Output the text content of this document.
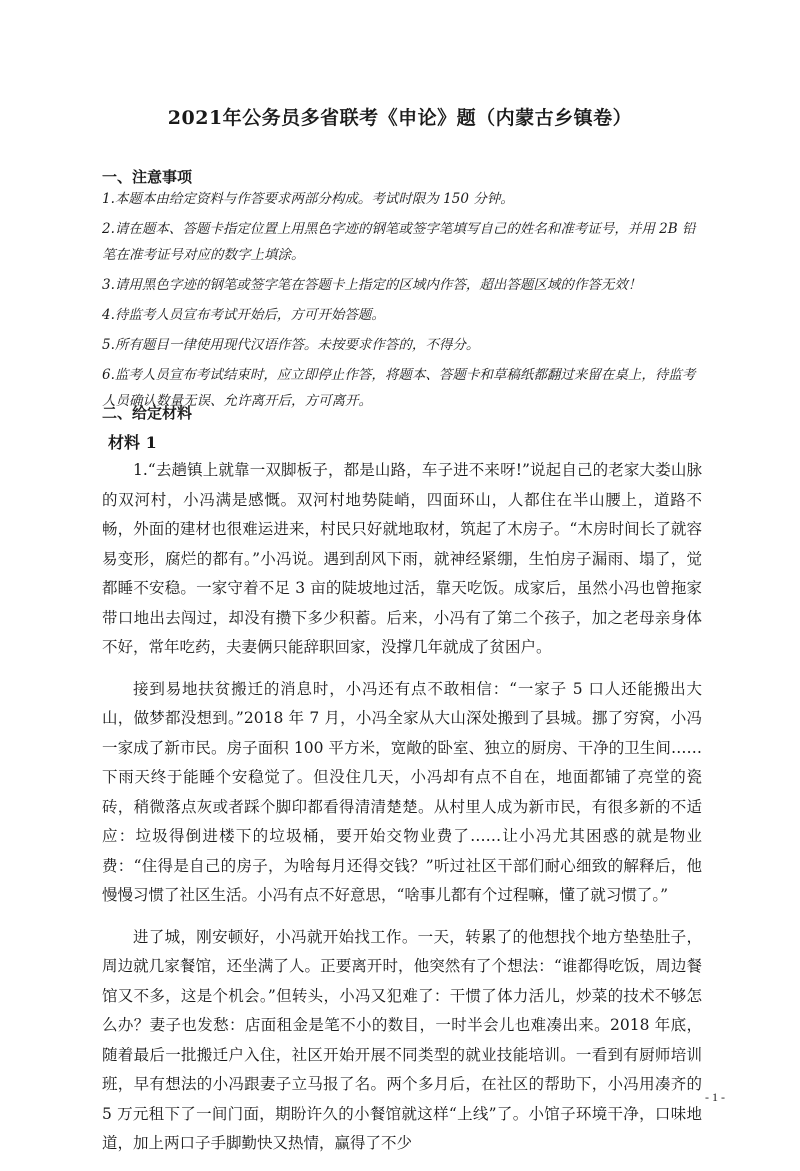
2021年公务员多省联考《申论》题（内蒙古乡镇卷）
一、注意事项

1.本题本由给定资料与作答要求两部分构成。考试时限为 150 分钟。

2.请在题本、答题卡指定位置上用黑色字迹的钢笔或签字笔填写自己的姓名和准考证号，并用 2B 铅笔在准考证号对应的数字上填涂。

3.请用黑色字迹的钢笔或签字笔在答题卡上指定的区域内作答，超出答题区域的作答无效！

4.待监考人员宣布考试开始后，方可开始答题。

5.所有题目一律使用现代汉语作答。未按要求作答的，不得分。

6.监考人员宣布考试结束时，应立即停止作答，将题本、答题卡和草稿纸都翻过来留在桌上，待监考人员确认数量无误、允许离开后，方可离开。

二、给定材料
材料 1

1.“去趟镇上就靠一双脚板子，都是山路，车子进不来呀!”说起自己的老家大娄山脉的双河村，小冯满是感慨。双河村地势陡峭，四面环山，人都住在半山腰上，道路不畅，外面的建材也很难运进来，村民只好就地取材，筑起了木房子。“木房时间长了就容易变形，腐烂的都有。”小冯说。遇到刮风下雨，就神经紧绷，生怕房子漏雨、塌了，觉都睡不安稳。一家守着不足 3 亩的陡坡地过活，靠天吃饭。成家后，虽然小冯也曾拖家带口地出去闯过，却没有攒下多少积蓄。后来，小冯有了第二个孩子，加之老母亲身体不好，常年吃药，夫妻俩只能辞职回家，没撑几年就成了贫困户。

接到易地扶贫搬迁的消息时，小冯还有点不敢相信：“一家子 5 口人还能搬出大山，做梦都没想到。”2018 年 7 月，小冯全家从大山深处搬到了县城。挪了穷窝，小冯一家成了新市民。房子面积 100 平方米，宽敞的卧室、独立的厨房、干净的卫生间……下雨天终于能睡个安稳觉了。但没住几天，小冯却有点不自在，地面都铺了亮堂的瓷砖，稍微落点灰或者踩个脚印都看得清清楚楚。从村里人成为新市民，有很多新的不适应：垃圾得倒进楼下的垃圾桶，要开始交物业费了……让小冯尤其困惑的就是物业费：“住得是自己的房子，为啥每月还得交钱？”听过社区干部们耐心细致的解释后，他慢慢习惯了社区生活。小冯有点不好意思，“啥事儿都有个过程嘛，懂了就习惯了。”

进了城，刚安顿好，小冯就开始找工作。一天，转累了的他想找个地方垫垫肚子，周边就几家餐馆，还坐满了人。正要离开时，他突然有了个想法：“谁都得吃饭，周边餐馆又不多，这是个机会。”但转头，小冯又犯难了：干惯了体力活儿，炒菜的技术不够怎么办？妻子也发愁：店面租金是笔不小的数目，一时半会儿也难凑出来。2018 年底，随着最后一批搬迁户入住，社区开始开展不同类型的就业技能培训。一看到有厨师培训班，早有想法的小冯跟妻子立马报了名。两个多月后，在社区的帮助下，小冯用凑齐的 5 万元租下了一间门面，期盼许久的小餐馆就这样“上线”了。小馆子环境干净，口味地道，加上两口子手脚勤快又热情，赢得了不少

- 1 -
